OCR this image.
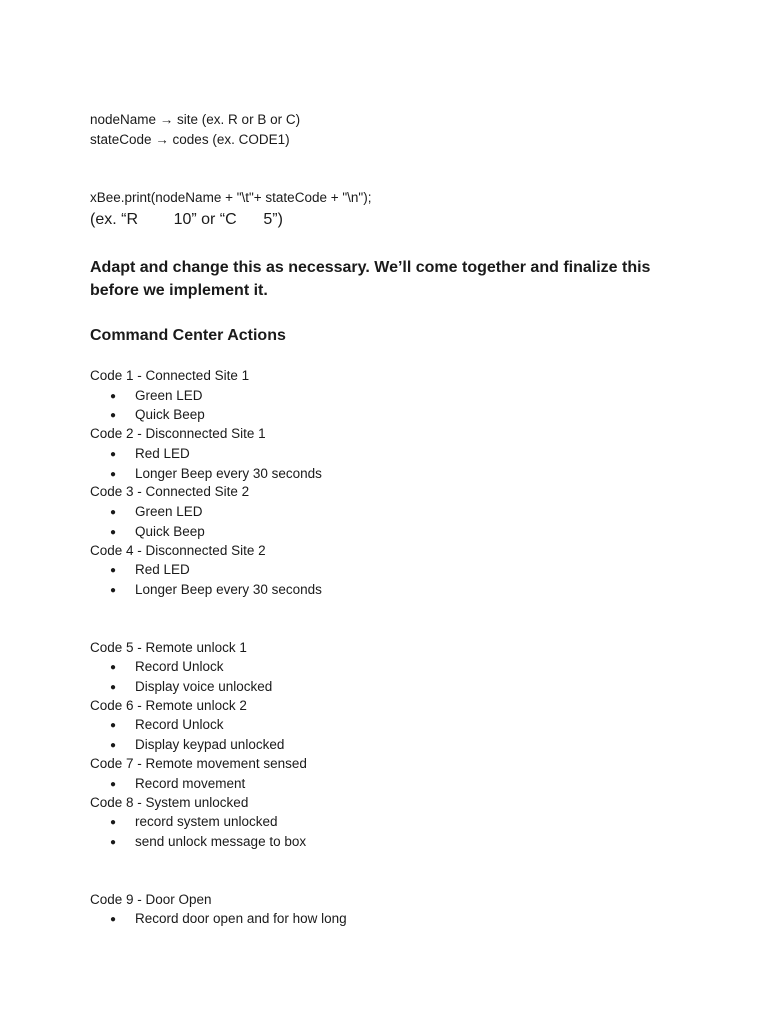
nodeName → site (ex. R or B or C)
stateCode → codes (ex. CODE1)
xBee.print(nodeName + "\t"+ stateCode + "\n");
(ex. “R        10” or “C      5”)
Adapt and change this as necessary. We’ll come together and finalize this before we implement it.
Command Center Actions
Code 1 - Connected Site 1
● Green LED
● Quick Beep
Code 2 - Disconnected Site 1
● Red LED
● Longer Beep every 30 seconds
Code 3 - Connected Site 2
● Green LED
● Quick Beep
Code 4 - Disconnected Site 2
● Red LED
● Longer Beep every 30 seconds
Code 5 - Remote unlock 1
● Record Unlock
● Display voice unlocked
Code 6 - Remote unlock 2
● Record Unlock
● Display keypad unlocked
Code 7 - Remote movement sensed
● Record movement
Code 8 - System unlocked
● record system unlocked
● send unlock message to box
Code 9 - Door Open
● Record door open and for how long
